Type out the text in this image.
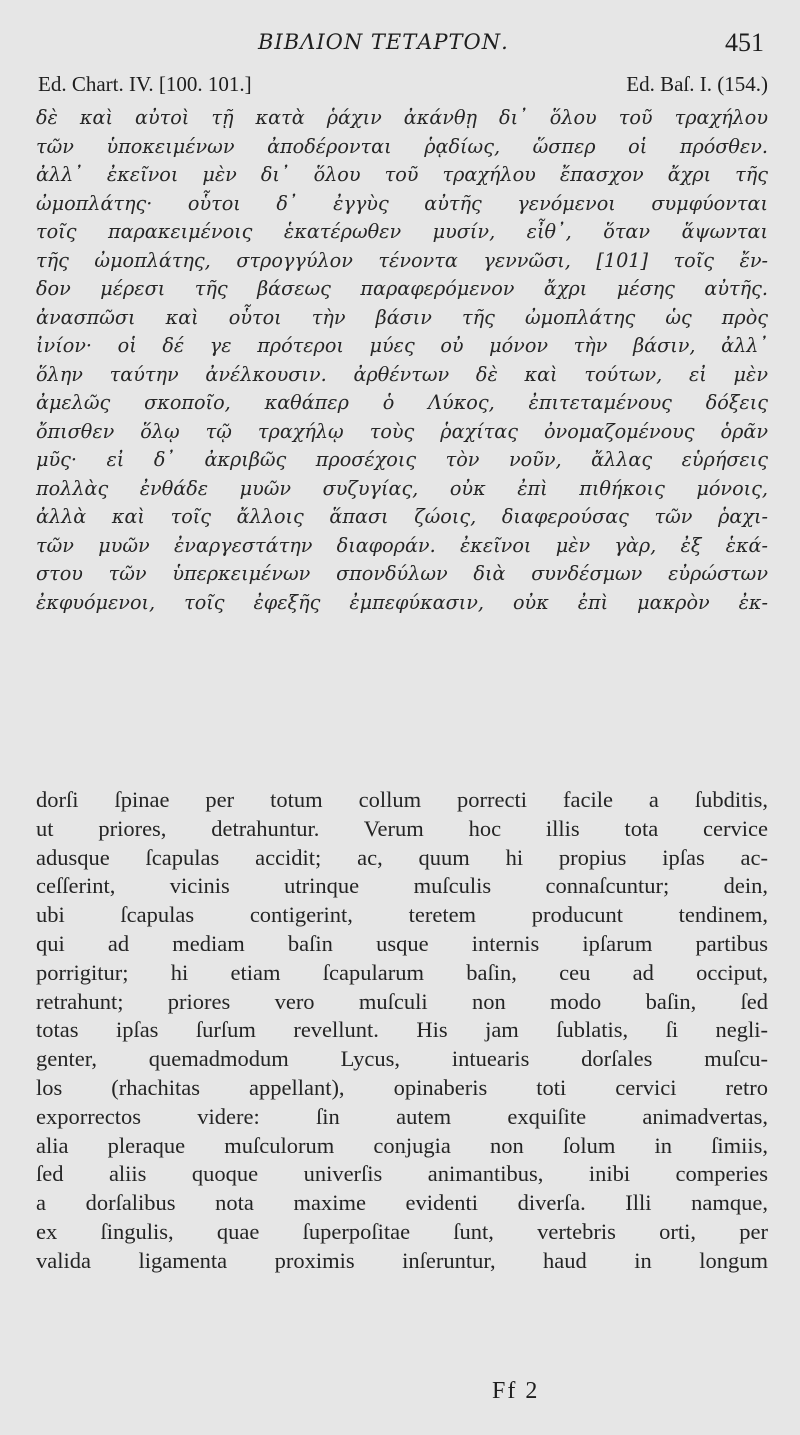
ΒΙΒΛΙΟΝ ΤΕΤΑΡΤΟΝ.	451
Ed. Chart. IV. [100. 101.]	Ed. Baſ. I. (154.)
δὲ καὶ αὐτοὶ τῇ κατὰ ῥάχιν ἀκάνθῃ δι᾽ ὅλου τοῦ τραχήλου
τῶν ὑποκειμένων ἀποδέρονται ῥᾳδίως, ὥσπερ οἱ πρόσθεν.
ἀλλ᾽ ἐκεῖνοι μὲν δι᾽ ὅλου τοῦ τραχήλου ἔπασχον ἄχρι τῆς
ὠμοπλάτης· οὗτοι δ᾽ ἐγγὺς αὐτῆς γενόμενοι συμφύονται
τοῖς παρακειμένοις ἑκατέρωθεν μυσίν, εἶθ᾽, ὅταν ἅψωνται
τῆς ὠμοπλάτης, στρογγύλον τένοντα γεννῶσι, [101] τοῖς ἔν-
δον μέρεσι τῆς βάσεως παραφερόμενον ἄχρι μέσης αὐτῆς.
ἀνασπῶσι καὶ οὗτοι τὴν βάσιν τῆς ὠμοπλάτης ὡς πρὸς
ἰνίον· οἱ δέ γε πρότεροι μύες οὐ μόνον τὴν βάσιν, ἀλλ᾽
ὅλην ταύτην ἀνέλκουσιν. ἀρθέντων δὲ καὶ τούτων, εἰ μὲν
ἀμελῶς σκοποῖο, καθάπερ ὁ Λύκος, ἐπιτεταμένους δόξεις
ὄπισθεν ὅλῳ τῷ τραχήλῳ τοὺς ῥαχίτας ὀνομαζομένους ὁρᾶν
μῦς· εἰ δ᾽ ἀκριβῶς προσέχοις τὸν νοῦν, ἄλλας εὑρήσεις
πολλὰς ἐνθάδε μυῶν συζυγίας, οὐκ ἐπὶ πιθήκοις μόνοις,
ἀλλὰ καὶ τοῖς ἄλλοις ἅπασι ζώοις, διαφερούσας τῶν ῥαχι-
τῶν μυῶν ἐναργεστάτην διαφοράν. ἐκεῖνοι μὲν γὰρ, ἐξ ἑκά-
στου τῶν ὑπερκειμένων σπονδύλων διὰ συνδέσμων εὐρώστων
ἐκφυόμενοι, τοῖς ἐφεξῆς ἐμπεφύκασιν, οὐκ ἐπὶ μακρὸν ἐκ-
dorſi ſpinae per totum collum porrecti facile a ſubditis,
ut priores, detrahuntur. Verum hoc illis tota cervice
adusque ſcapulas accidit; ac, quum hi propius ipſas ac-
ceſſerint, vicinis utrinque muſculis connaſcuntur; dein,
ubi ſcapulas contigerint, teretem producunt tendinem,
qui ad mediam baſin usque internis ipſarum partibus
porrigitur; hi etiam ſcapularum baſin, ceu ad occiput,
retrahunt; priores vero muſculi non modo baſin, ſed
totas ipſas ſurſum revellunt. His jam ſublatis, ſi negli-
genter, quemadmodum Lycus, intuearis dorſales muſcu-
los (rhachitas appellant), opinaberis toti cervici retro
exporrectos videre: ſin autem exquiſite animadvertas,
alia pleraque muſculorum conjugia non ſolum in ſimiis,
ſed aliis quoque univerſis animantibus, inibi comperies
a dorſalibus nota maxime evidenti diverſa. Illi namque,
ex ſingulis, quae ſuperpoſitae ſunt, vertebris orti, per
valida ligamenta proximis inſeruntur, haud in longum
Ff 2
